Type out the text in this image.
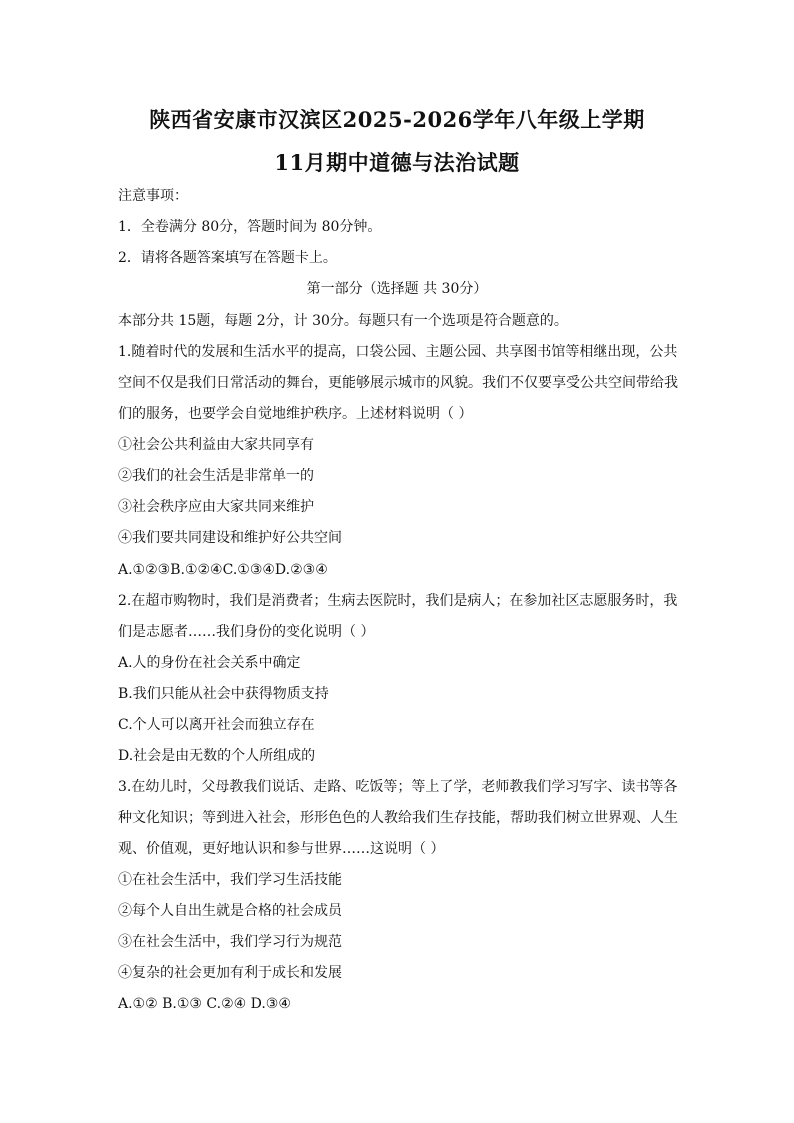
陕西省安康市汉滨区2025-2026学年八年级上学期
11月期中道德与法治试题
注意事项：
1．全卷满分 80分，答题时间为 80分钟。
2．请将各题答案填写在答题卡上。
第一部分（选择题 共 30分）
本部分共 15题，每题 2分，计 30分。每题只有一个选项是符合题意的。
1.随着时代的发展和生活水平的提高，口袋公园、主题公园、共享图书馆等相继出现，公共
空间不仅是我们日常活动的舞台，更能够展示城市的风貌。我们不仅要享受公共空间带给我
们的服务，也要学会自觉地维护秩序。上述材料说明（ ）
①社会公共利益由大家共同享有
②我们的社会生活是非常单一的
③社会秩序应由大家共同来维护
④我们要共同建设和维护好公共空间
A.①②③B.①②④C.①③④D.②③④
2.在超市购物时，我们是消费者；生病去医院时，我们是病人；在参加社区志愿服务时，我
们是志愿者……我们身份的变化说明（ ）
A.人的身份在社会关系中确定
B.我们只能从社会中获得物质支持
C.个人可以离开社会而独立存在
D.社会是由无数的个人所组成的
3.在幼儿时，父母教我们说话、走路、吃饭等；等上了学，老师教我们学习写字、读书等各
种文化知识；等到进入社会，形形色色的人教给我们生存技能，帮助我们树立世界观、人生
观、价值观，更好地认识和参与世界……这说明（ ）
①在社会生活中，我们学习生活技能
②每个人自出生就是合格的社会成员
③在社会生活中，我们学习行为规范
④复杂的社会更加有利于成长和发展
A.①② B.①③ C.②④ D.③④
